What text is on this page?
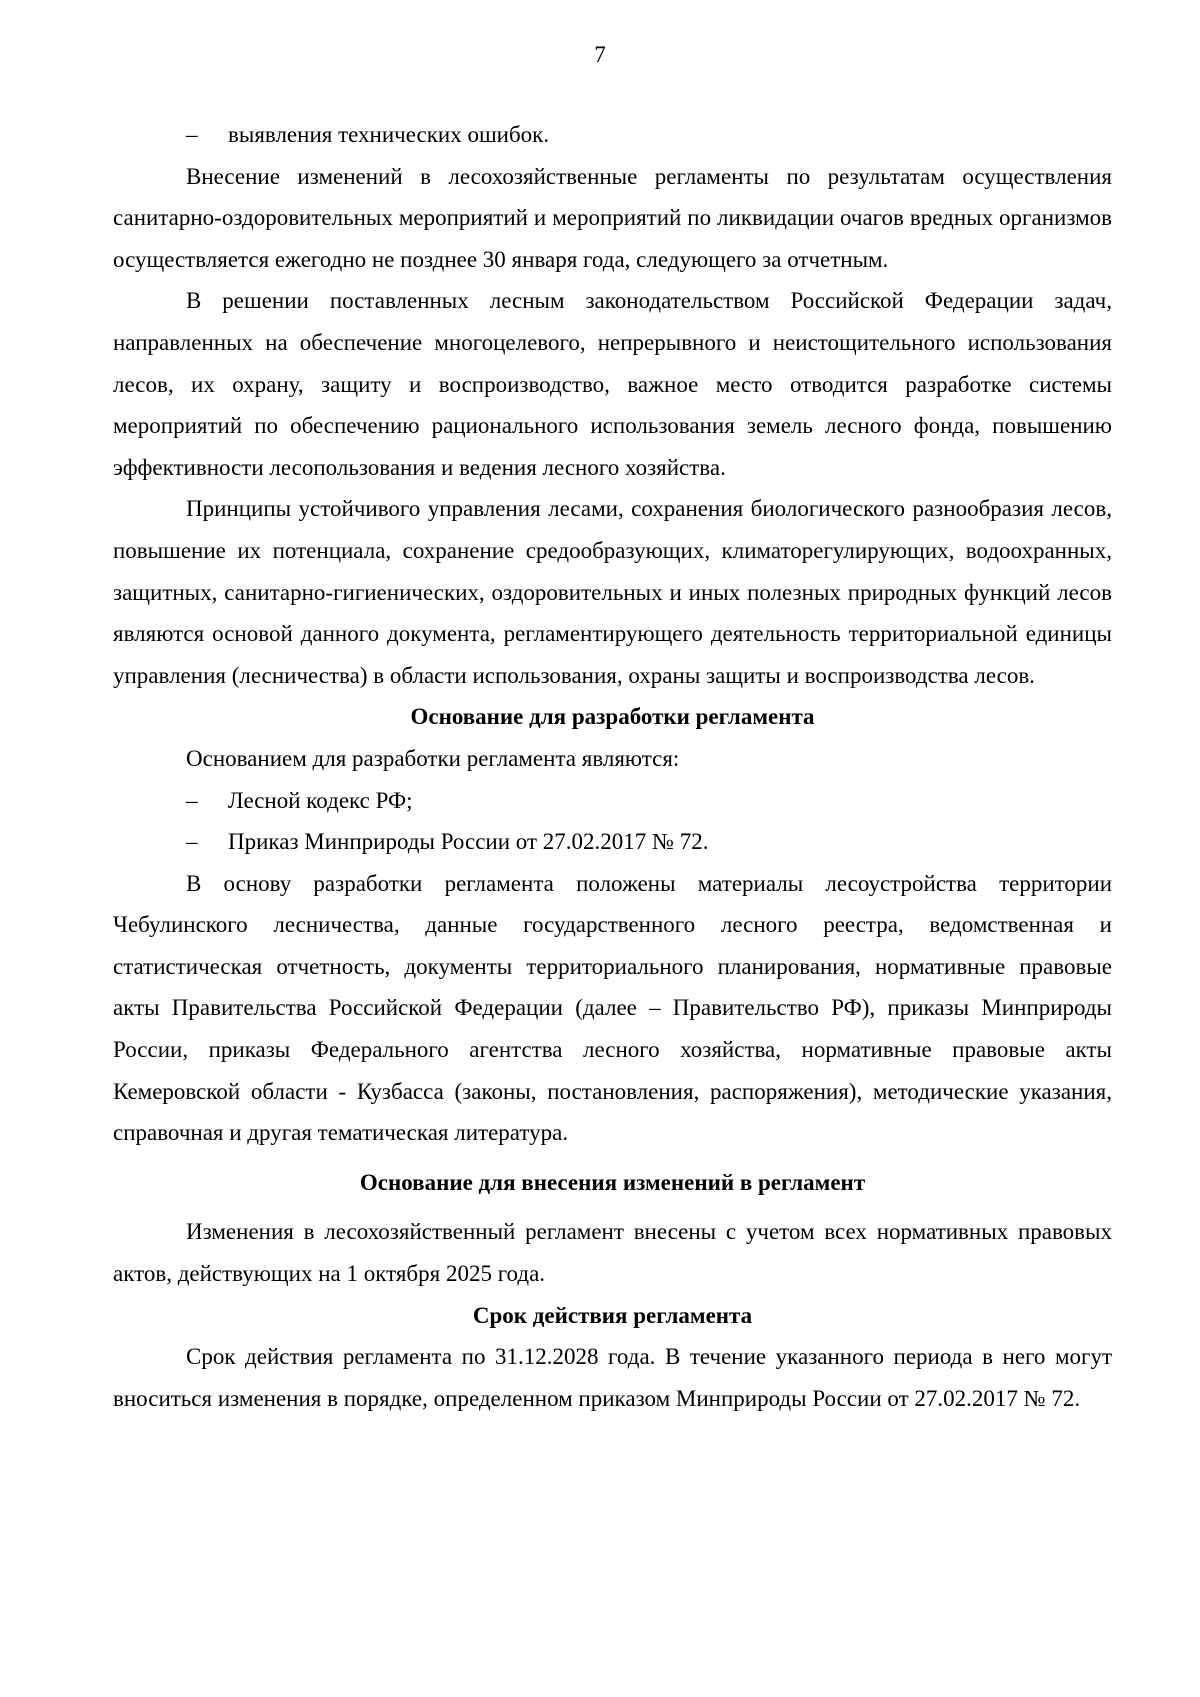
7
–	выявления технических ошибок.

Внесение изменений в лесохозяйственные регламенты по результатам осуществления санитарно-оздоровительных мероприятий и мероприятий по ликвидации очагов вредных организмов осуществляется ежегодно не позднее 30 января года, следующего за отчетным.

В решении поставленных лесным законодательством Российской Федерации задач, направленных на обеспечение многоцелевого, непрерывного и неистощительного использования лесов, их охрану, защиту и воспроизводство, важное место отводится разработке системы мероприятий по обеспечению рационального использования земель лесного фонда, повышению эффективности лесопользования и ведения лесного хозяйства.

Принципы устойчивого управления лесами, сохранения биологического разнообразия лесов, повышение их потенциала, сохранение средообразующих, климаторегулирующих, водоохранных, защитных, санитарно-гигиенических, оздоровительных и иных полезных природных функций лесов являются основой данного документа, регламентирующего деятельность территориальной единицы управления (лесничества) в области использования, охраны защиты и воспроизводства лесов.

Основание для разработки регламента

Основанием для разработки регламента являются:

–	Лесной кодекс РФ;
–	Приказ Минприроды России от 27.02.2017 № 72.

В основу разработки регламента положены материалы лесоустройства территории Чебулинского лесничества, данные государственного лесного реестра, ведомственная и статистическая отчетность, документы территориального планирования, нормативные правовые акты Правительства Российской Федерации (далее – Правительство РФ), приказы Минприроды России, приказы Федерального агентства лесного хозяйства, нормативные правовые акты Кемеровской области - Кузбасса (законы, постановления, распоряжения), методические указания, справочная и другая тематическая литература.

Основание для внесения изменений в регламент

Изменения в лесохозяйственный регламент внесены с учетом всех нормативных правовых актов, действующих на 1 октября 2025 года.

Срок действия регламента

Срок действия регламента по 31.12.2028 года. В течение указанного периода в него могут вноситься изменения в порядке, определенном приказом Минприроды России от 27.02.2017 № 72.
